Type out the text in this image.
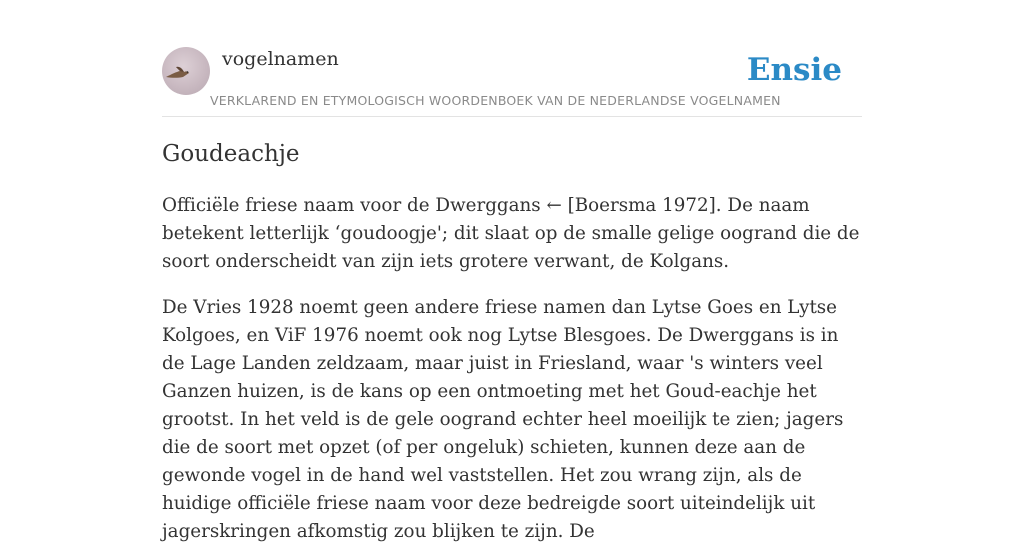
vogelnamen	Ensie
VERKLAREND EN ETYMOLOGISCH WOORDENBOEK VAN DE NEDERLANDSE VOGELNAMEN
Goudeachje

Officiële friese naam voor de Dwerggans ← [Boersma 1972]. De naam betekent letterlijk ‘goudoogje'; dit slaat op de smalle gelige oogrand die de soort onderscheidt van zijn iets grotere verwant, de Kolgans.

De Vries 1928 noemt geen andere friese namen dan Lytse Goes en Lytse Kolgoes, en ViF 1976 noemt ook nog Lytse Blesgoes. De Dwerggans is in de Lage Landen zeldzaam, maar juist in Friesland, waar 's winters veel Ganzen huizen, is de kans op een ontmoeting met het Goud-eachje het grootst. In het veld is de gele oogrand echter heel moeilijk te zien; jagers die de soort met opzet (of per ongeluk) schieten, kunnen deze aan de gewonde vogel in de hand wel vaststellen. Het zou wrang zijn, als de huidige officiële friese naam voor deze bedreigde soort uiteindelijk uit jagerskringen afkomstig zou blijken te zijn. De
